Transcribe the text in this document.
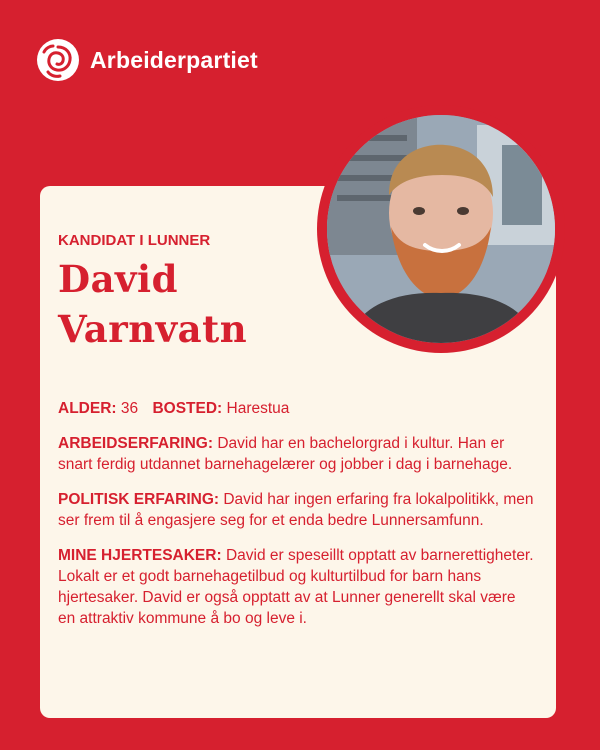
Arbeiderpartiet
KANDIDAT I LUNNER
David
Varnvatn

ALDER: 36 BOSTED: Harestua

ARBEIDSERFARING: David har en bachelorgrad i kultur. Han er snart ferdig utdannet barnehagelærer og jobber i dag i barnehage.

POLITISK ERFARING: David har ingen erfaring fra lokalpolitikk, men ser frem til å engasjere seg for et enda bedre Lunnersamfunn.

MINE HJERTESAKER: David er speseillt opptatt av barnerettigheter. Lokalt er et godt barnehagetilbud og kulturtilbud for barn hans hjertesaker. David er også opptatt av at Lunner generellt skal være en attraktiv kommune å bo og leve i.
